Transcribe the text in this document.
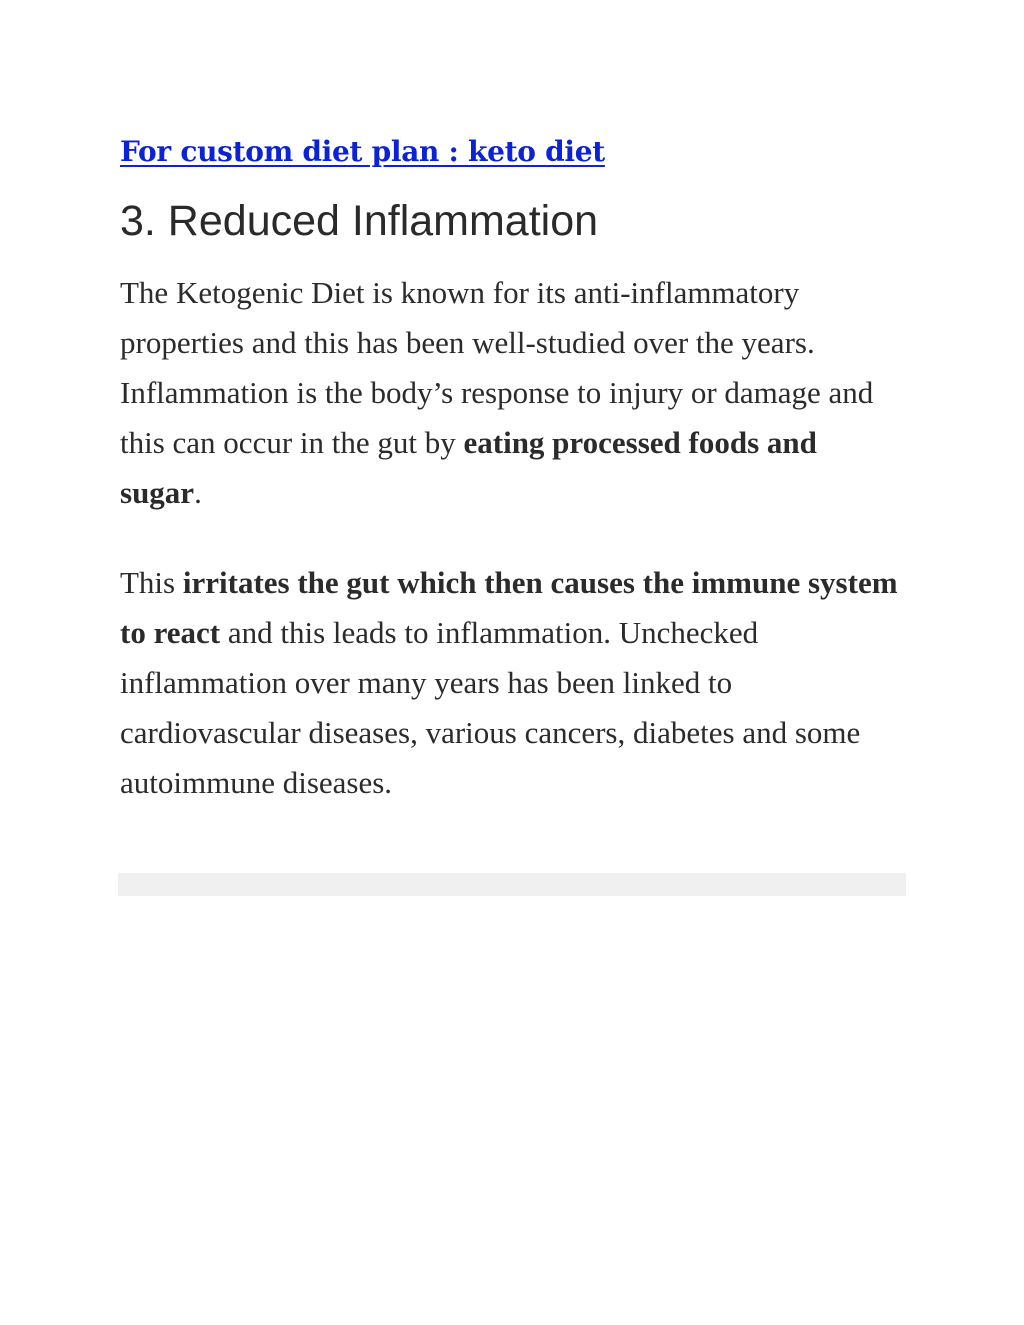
For custom diet plan : keto diet
3. Reduced Inflammation

The Ketogenic Diet is known for its anti-inflammatory properties and this has been well-studied over the years. Inflammation is the body’s response to injury or damage and this can occur in the gut by eating processed foods and sugar.

This irritates the gut which then causes the immune system to react and this leads to inflammation. Unchecked inflammation over many years has been linked to cardiovascular diseases, various cancers, diabetes and some autoimmune diseases.
